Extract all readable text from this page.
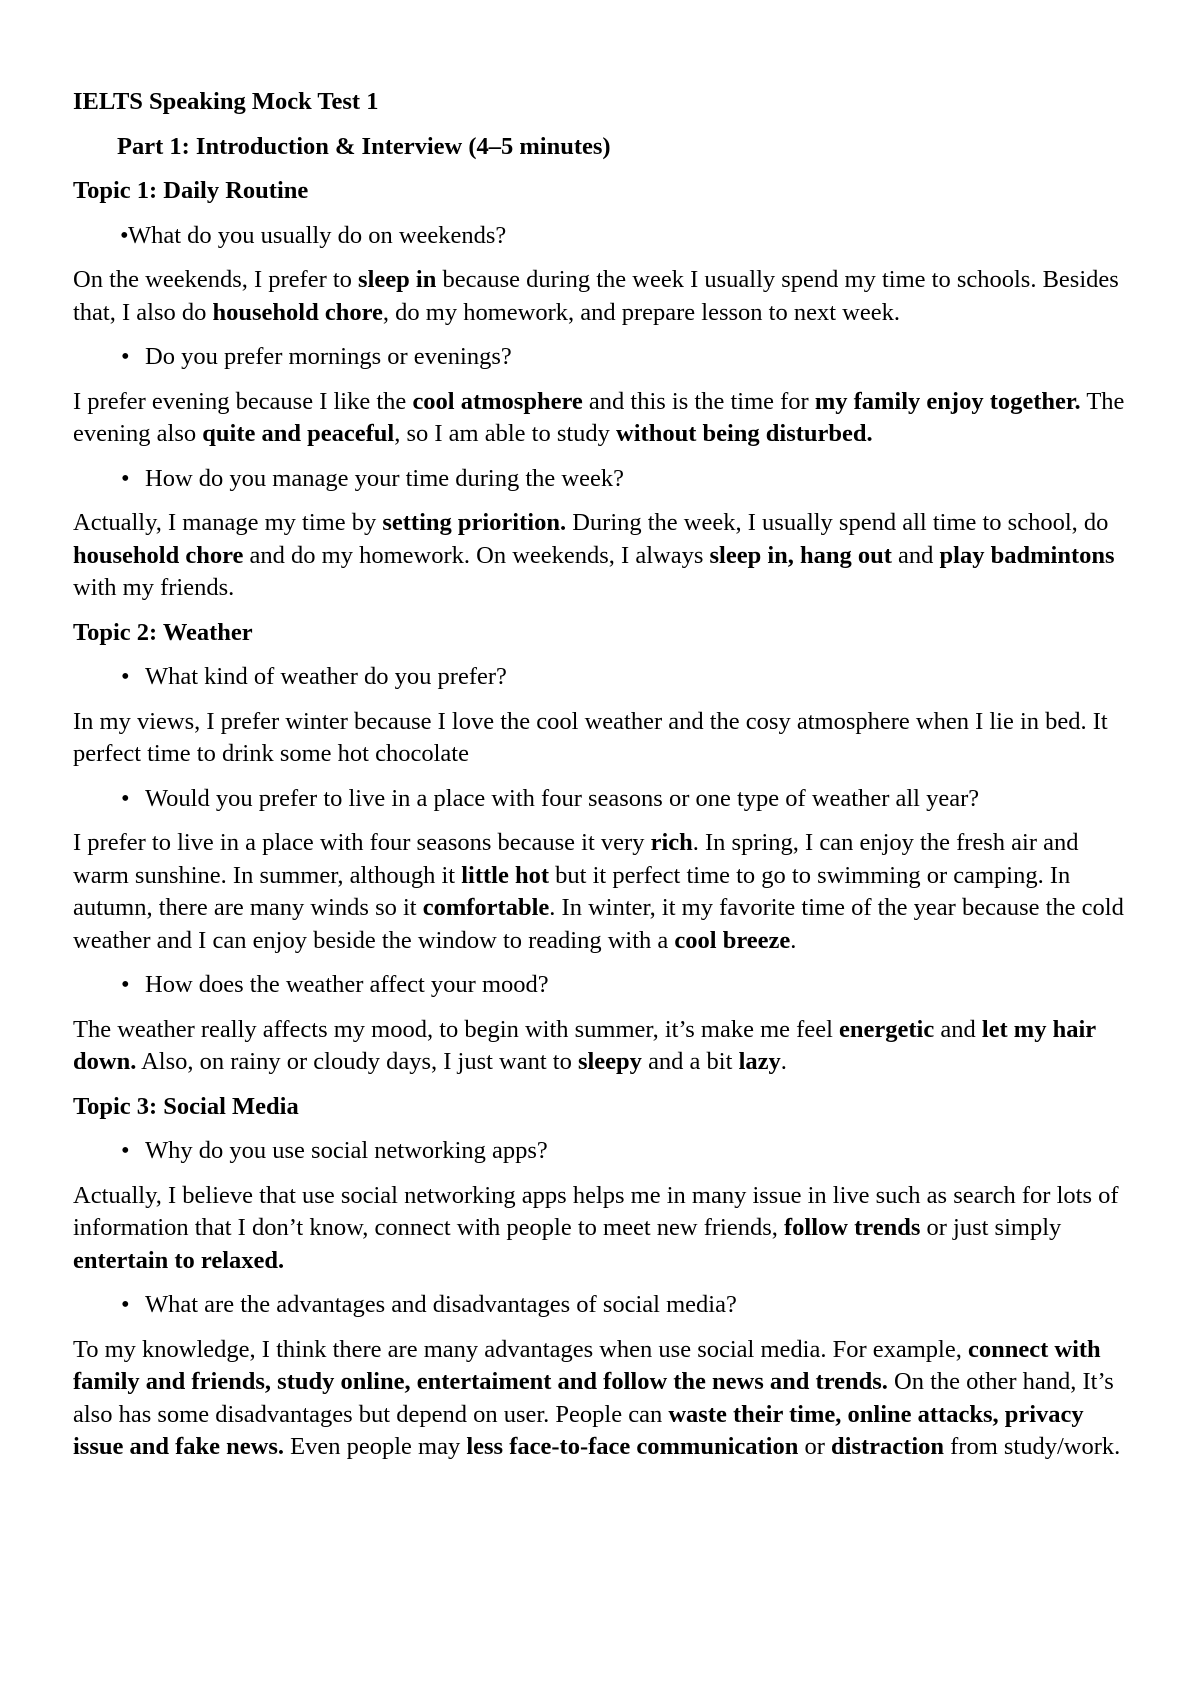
IELTS Speaking Mock Test 1
Part 1: Introduction & Interview (4–5 minutes)
Topic 1: Daily Routine
• What do you usually do on weekends?
On the weekends, I prefer to sleep in because during the week I usually spend my time to schools. Besides that, I also do household chore, do my homework, and prepare lesson to next week.
• Do you prefer mornings or evenings?
I prefer evening because I like the cool atmosphere and this is the time for my family enjoy together. The evening also quite and peaceful, so I am able to study without being disturbed.
• How do you manage your time during the week?
Actually, I manage my time by setting priorition. During the week, I usually spend all time to school, do household chore and do my homework. On weekends, I always sleep in, hang out and play badmintons with my friends.
Topic 2: Weather
• What kind of weather do you prefer?
In my views, I prefer winter because I love the cool weather and the cosy atmosphere when I lie in bed. It perfect time to drink some hot chocolate
• Would you prefer to live in a place with four seasons or one type of weather all year?
I prefer to live in a place with four seasons because it very rich. In spring, I can enjoy the fresh air and warm sunshine. In summer, although it little hot but it perfect time to go to swimming or camping. In autumn, there are many winds so it comfortable. In winter, it my favorite time of the year because the cold weather and I can enjoy beside the window to reading with a cool breeze.
• How does the weather affect your mood?
The weather really affects my mood, to begin with summer, it’s make me feel energetic and let my hair down. Also, on rainy or cloudy days, I just want to sleepy and a bit lazy.
Topic 3: Social Media
• Why do you use social networking apps?
Actually, I believe that use social networking apps helps me in many issue in live such as search for lots of information that I don’t know, connect with people to meet new friends, follow trends or just simply entertain to relaxed.
• What are the advantages and disadvantages of social media?
To my knowledge, I think there are many advantages when use social media. For example, connect with family and friends, study online, entertaiment and follow the news and trends. On the other hand, It’s also has some disadvantages but depend on user. People can waste their time, online attacks, privacy issue and fake news. Even people may less face-to-face communication or distraction from study/work.
